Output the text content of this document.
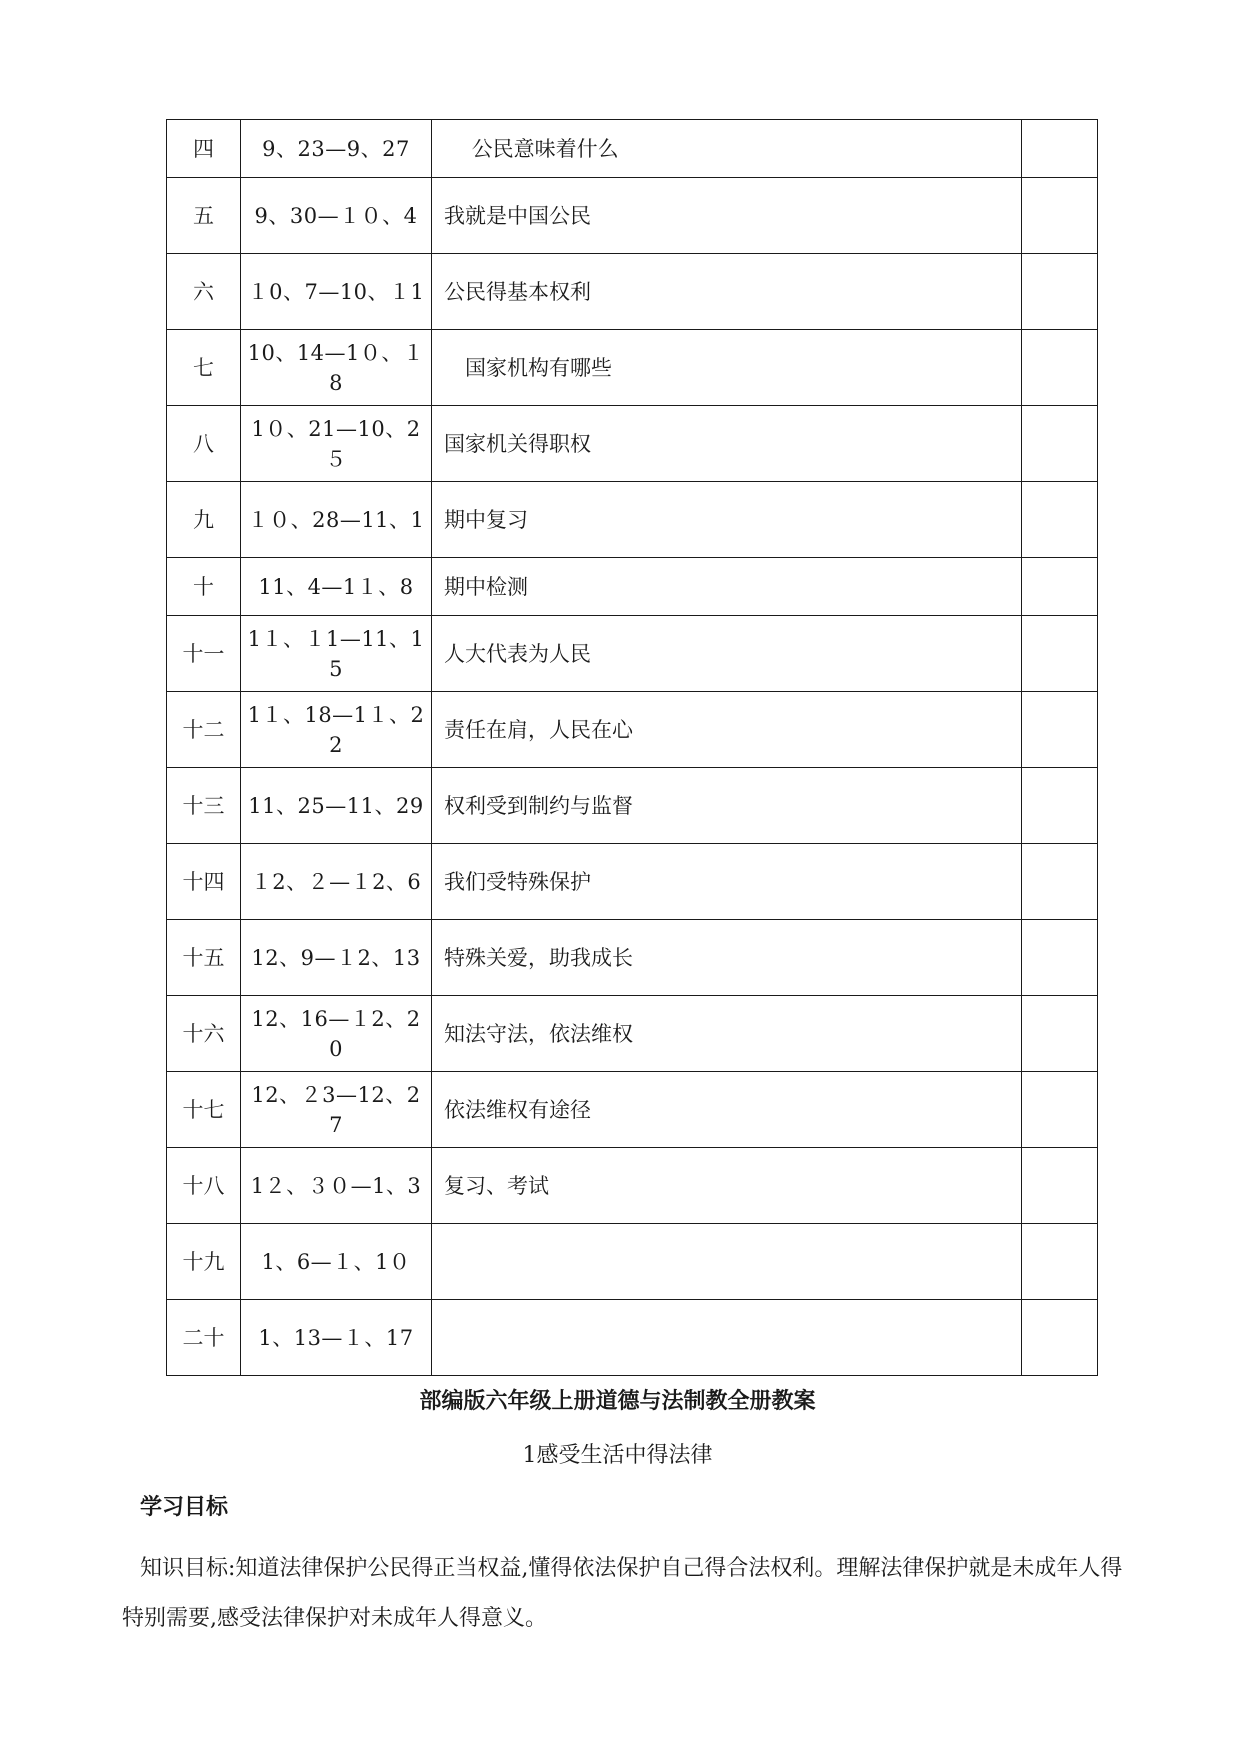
四	9、23—9、27	　 公民意味着什么	
五	9、30—１０、4	我就是中国公民	
六	１0、7—10、１1	公民得基本权利	
七	10、14—1０、１8	　国家机构有哪些	
八	1０、21—10、2５	国家机关得职权	
九	１０、28—11、1	期中复习	
十	11、4—1１、8	期中检测	
十一	1１、１1—11、15	人大代表为人民	
十二	1１、18—1１、22	责任在肩，人民在心	
十三	11、25—11、29	权利受到制约与监督	
十四	１2、２—１2、6	我们受特殊保护	
十五	12、9—１2、13	特殊关爱，助我成长	
十六	12、16—１2、20	知法守法，依法维权	
十七	12、２3—12、27	依法维权有途径	
十八	1２、３０—1、3	复习、考试	
十九	1、6—１、1０		
二十	1、13—１、17		
部编版六年级上册道德与法制教全册教案
1感受生活中得法律
学习目标
知识目标:知道法律保护公民得正当权益,懂得依法保护自己得合法权利。理解法律保护就是未成年人得特别需要,感受法律保护对未成年人得意义。
